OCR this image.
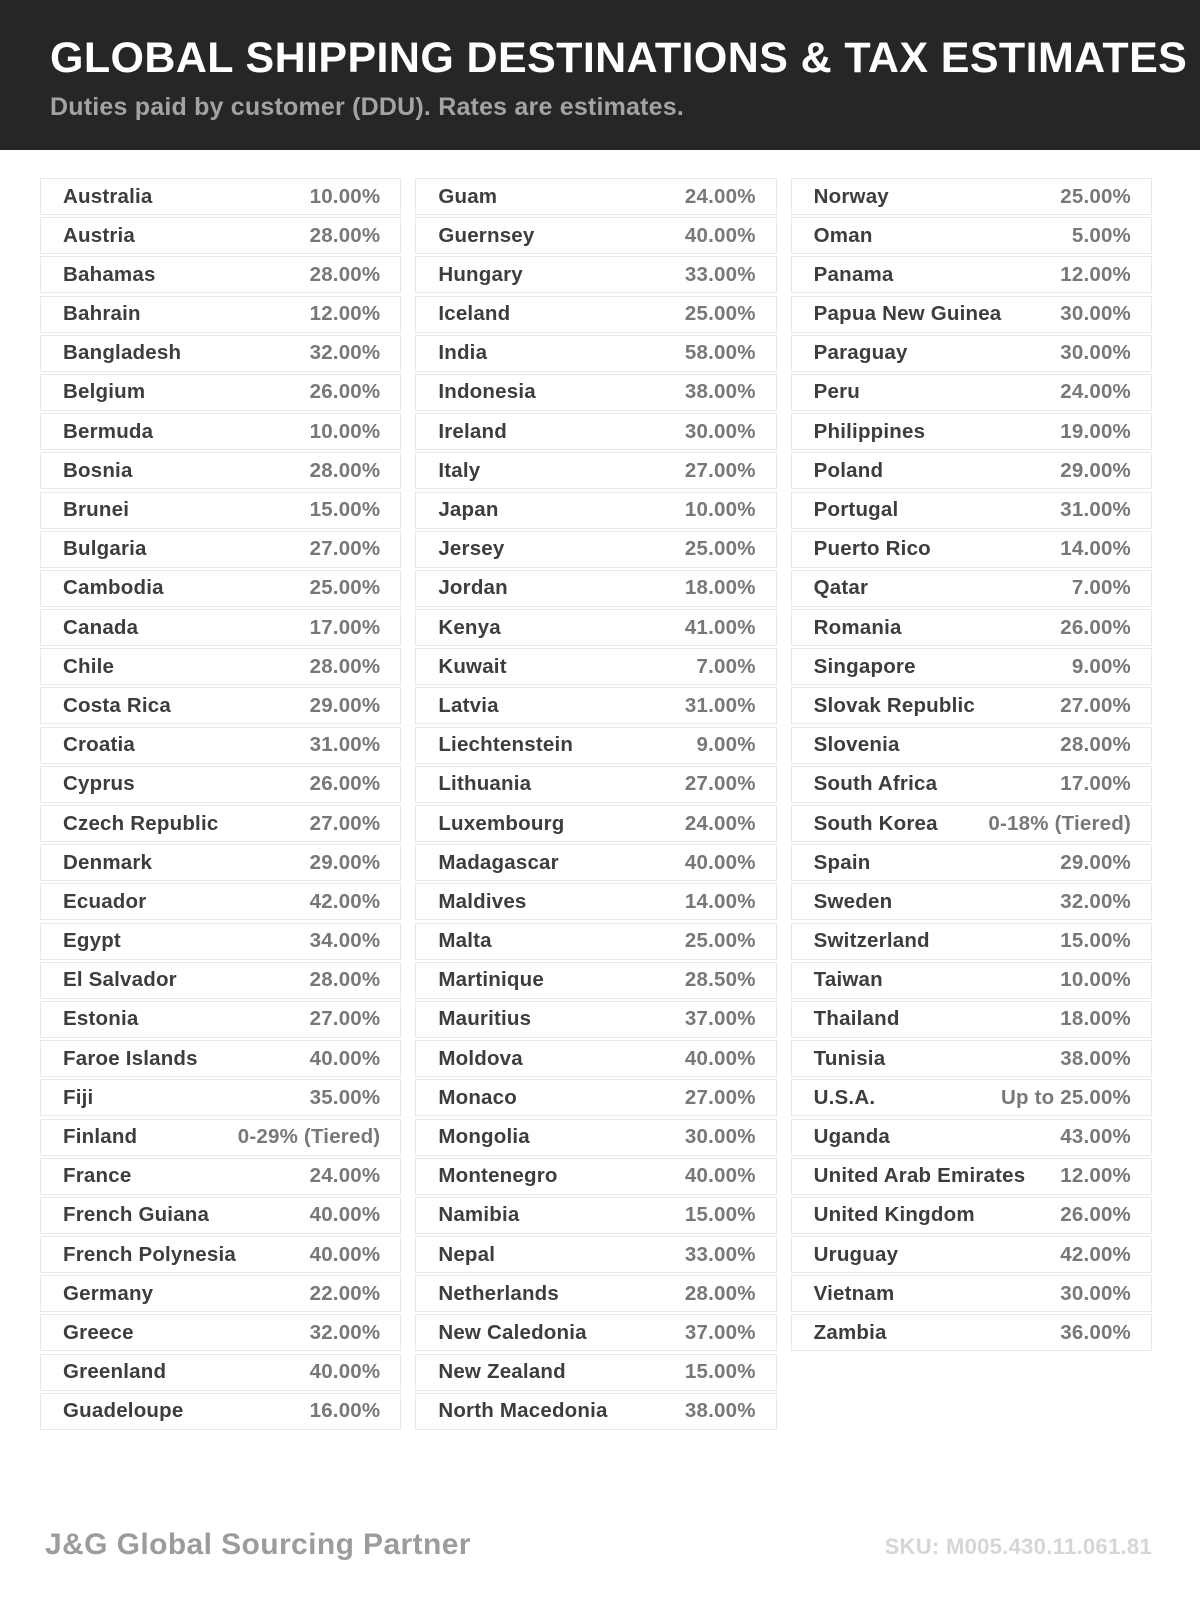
GLOBAL SHIPPING DESTINATIONS & TAX ESTIMATES
Duties paid by customer (DDU). Rates are estimates.
Australia	10.00%
Austria	28.00%
Bahamas	28.00%
Bahrain	12.00%
Bangladesh	32.00%
Belgium	26.00%
Bermuda	10.00%
Bosnia	28.00%
Brunei	15.00%
Bulgaria	27.00%
Cambodia	25.00%
Canada	17.00%
Chile	28.00%
Costa Rica	29.00%
Croatia	31.00%
Cyprus	26.00%
Czech Republic	27.00%
Denmark	29.00%
Ecuador	42.00%
Egypt	34.00%
El Salvador	28.00%
Estonia	27.00%
Faroe Islands	40.00%
Fiji	35.00%
Finland	0-29% (Tiered)
France	24.00%
French Guiana	40.00%
French Polynesia	40.00%
Germany	22.00%
Greece	32.00%
Greenland	40.00%
Guadeloupe	16.00%
Guam	24.00%
Guernsey	40.00%
Hungary	33.00%
Iceland	25.00%
India	58.00%
Indonesia	38.00%
Ireland	30.00%
Italy	27.00%
Japan	10.00%
Jersey	25.00%
Jordan	18.00%
Kenya	41.00%
Kuwait	7.00%
Latvia	31.00%
Liechtenstein	9.00%
Lithuania	27.00%
Luxembourg	24.00%
Madagascar	40.00%
Maldives	14.00%
Malta	25.00%
Martinique	28.50%
Mauritius	37.00%
Moldova	40.00%
Monaco	27.00%
Mongolia	30.00%
Montenegro	40.00%
Namibia	15.00%
Nepal	33.00%
Netherlands	28.00%
New Caledonia	37.00%
New Zealand	15.00%
North Macedonia	38.00%
Norway	25.00%
Oman	5.00%
Panama	12.00%
Papua New Guinea	30.00%
Paraguay	30.00%
Peru	24.00%
Philippines	19.00%
Poland	29.00%
Portugal	31.00%
Puerto Rico	14.00%
Qatar	7.00%
Romania	26.00%
Singapore	9.00%
Slovak Republic	27.00%
Slovenia	28.00%
South Africa	17.00%
South Korea 0-18% (Tiered)
Spain	29.00%
Sweden	32.00%
Switzerland	15.00%
Taiwan	10.00%
Thailand	18.00%
Tunisia	38.00%
U.S.A.	Up to 25.00%
Uganda	43.00%
United Arab Emirates 12.00%
United Kingdom	26.00%
Uruguay	42.00%
Vietnam	30.00%
Zambia	36.00%
J&G Global Sourcing Partner	SKU: M005.430.11.061.81
